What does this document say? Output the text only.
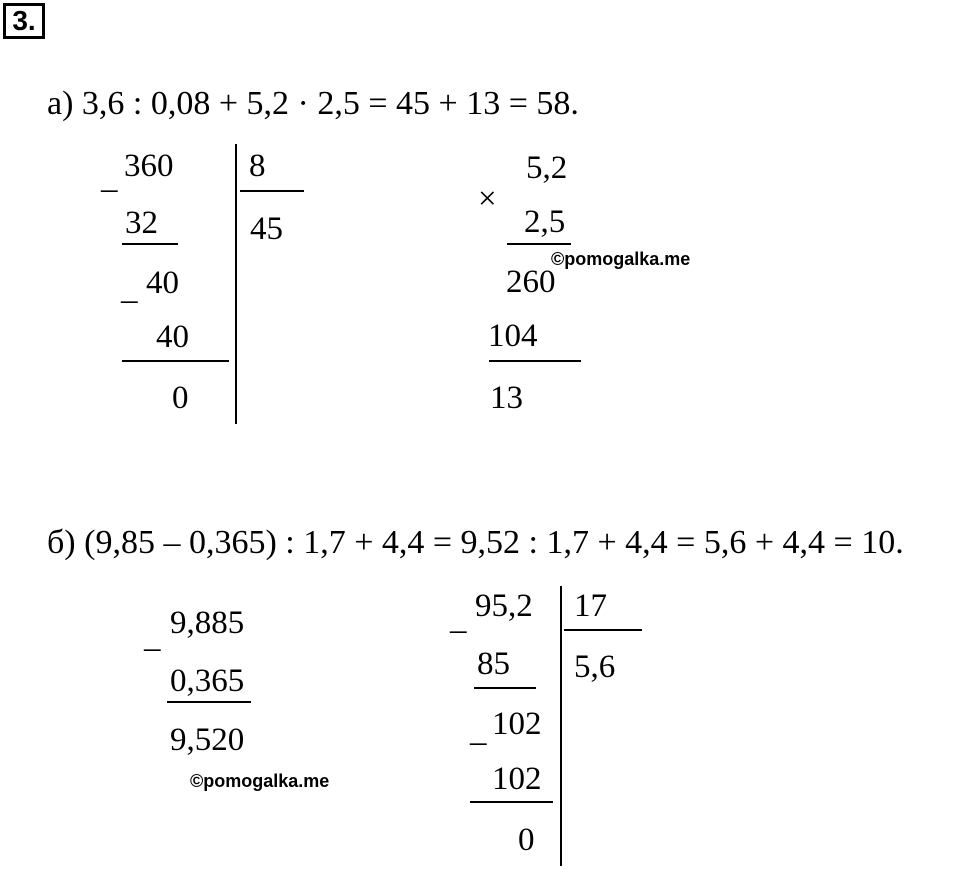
3.
а) 3,6 : 0,08 + 5,2 · 2,5 = 45 + 13 = 58.
–
360 8
45
32
_ 40
40
0
×
5,2
2,5
260
104
13
©pomogalka.me
б) (9,85 – 0,365) : 1,7 + 4,4 = 9,52 : 1,7 + 4,4 = 5,6 + 4,4 = 10.
–
9,885
0,365
9,520
©pomogalka.me
–
95,2 17
5,6
85
_ 102
102
0
